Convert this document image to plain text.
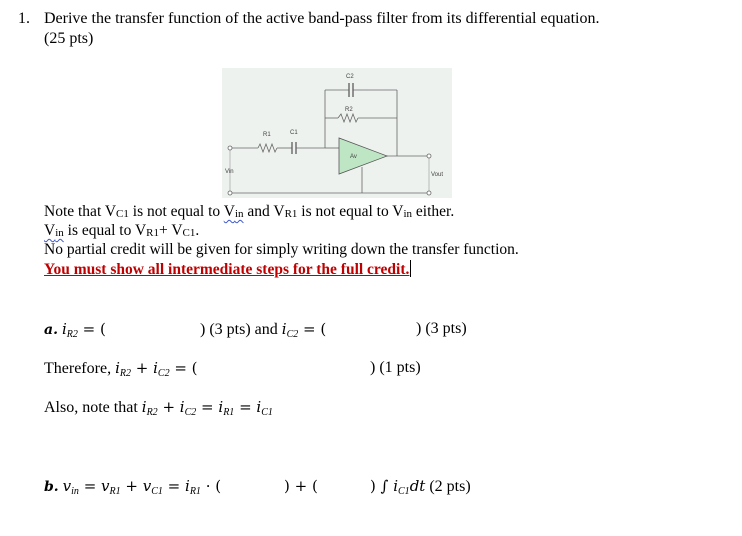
1. Derive the transfer function of the active band-pass filter from its differential equation.
(25 pts)
C2
R2
R1	C1
Av
Vin	Vout
Note that VC1 is not equal to Vin and VR1 is not equal to Vin either.
Vin is equal to VR1+ VC1.
No partial credit will be given for simply writing down the transfer function.
You must show all intermediate steps for the full credit.
a. iR2 = (	) (3 pts) and iC2 = (	) (3 pts)
Therefore, iR2 + iC2 = (	) (1 pts)
Also, note that iR2 + iC2 = iR1 = iC1
b. vin = vR1 + vC1 = iR1 · (	) + (	) ∫ iC1dt (2 pts)
